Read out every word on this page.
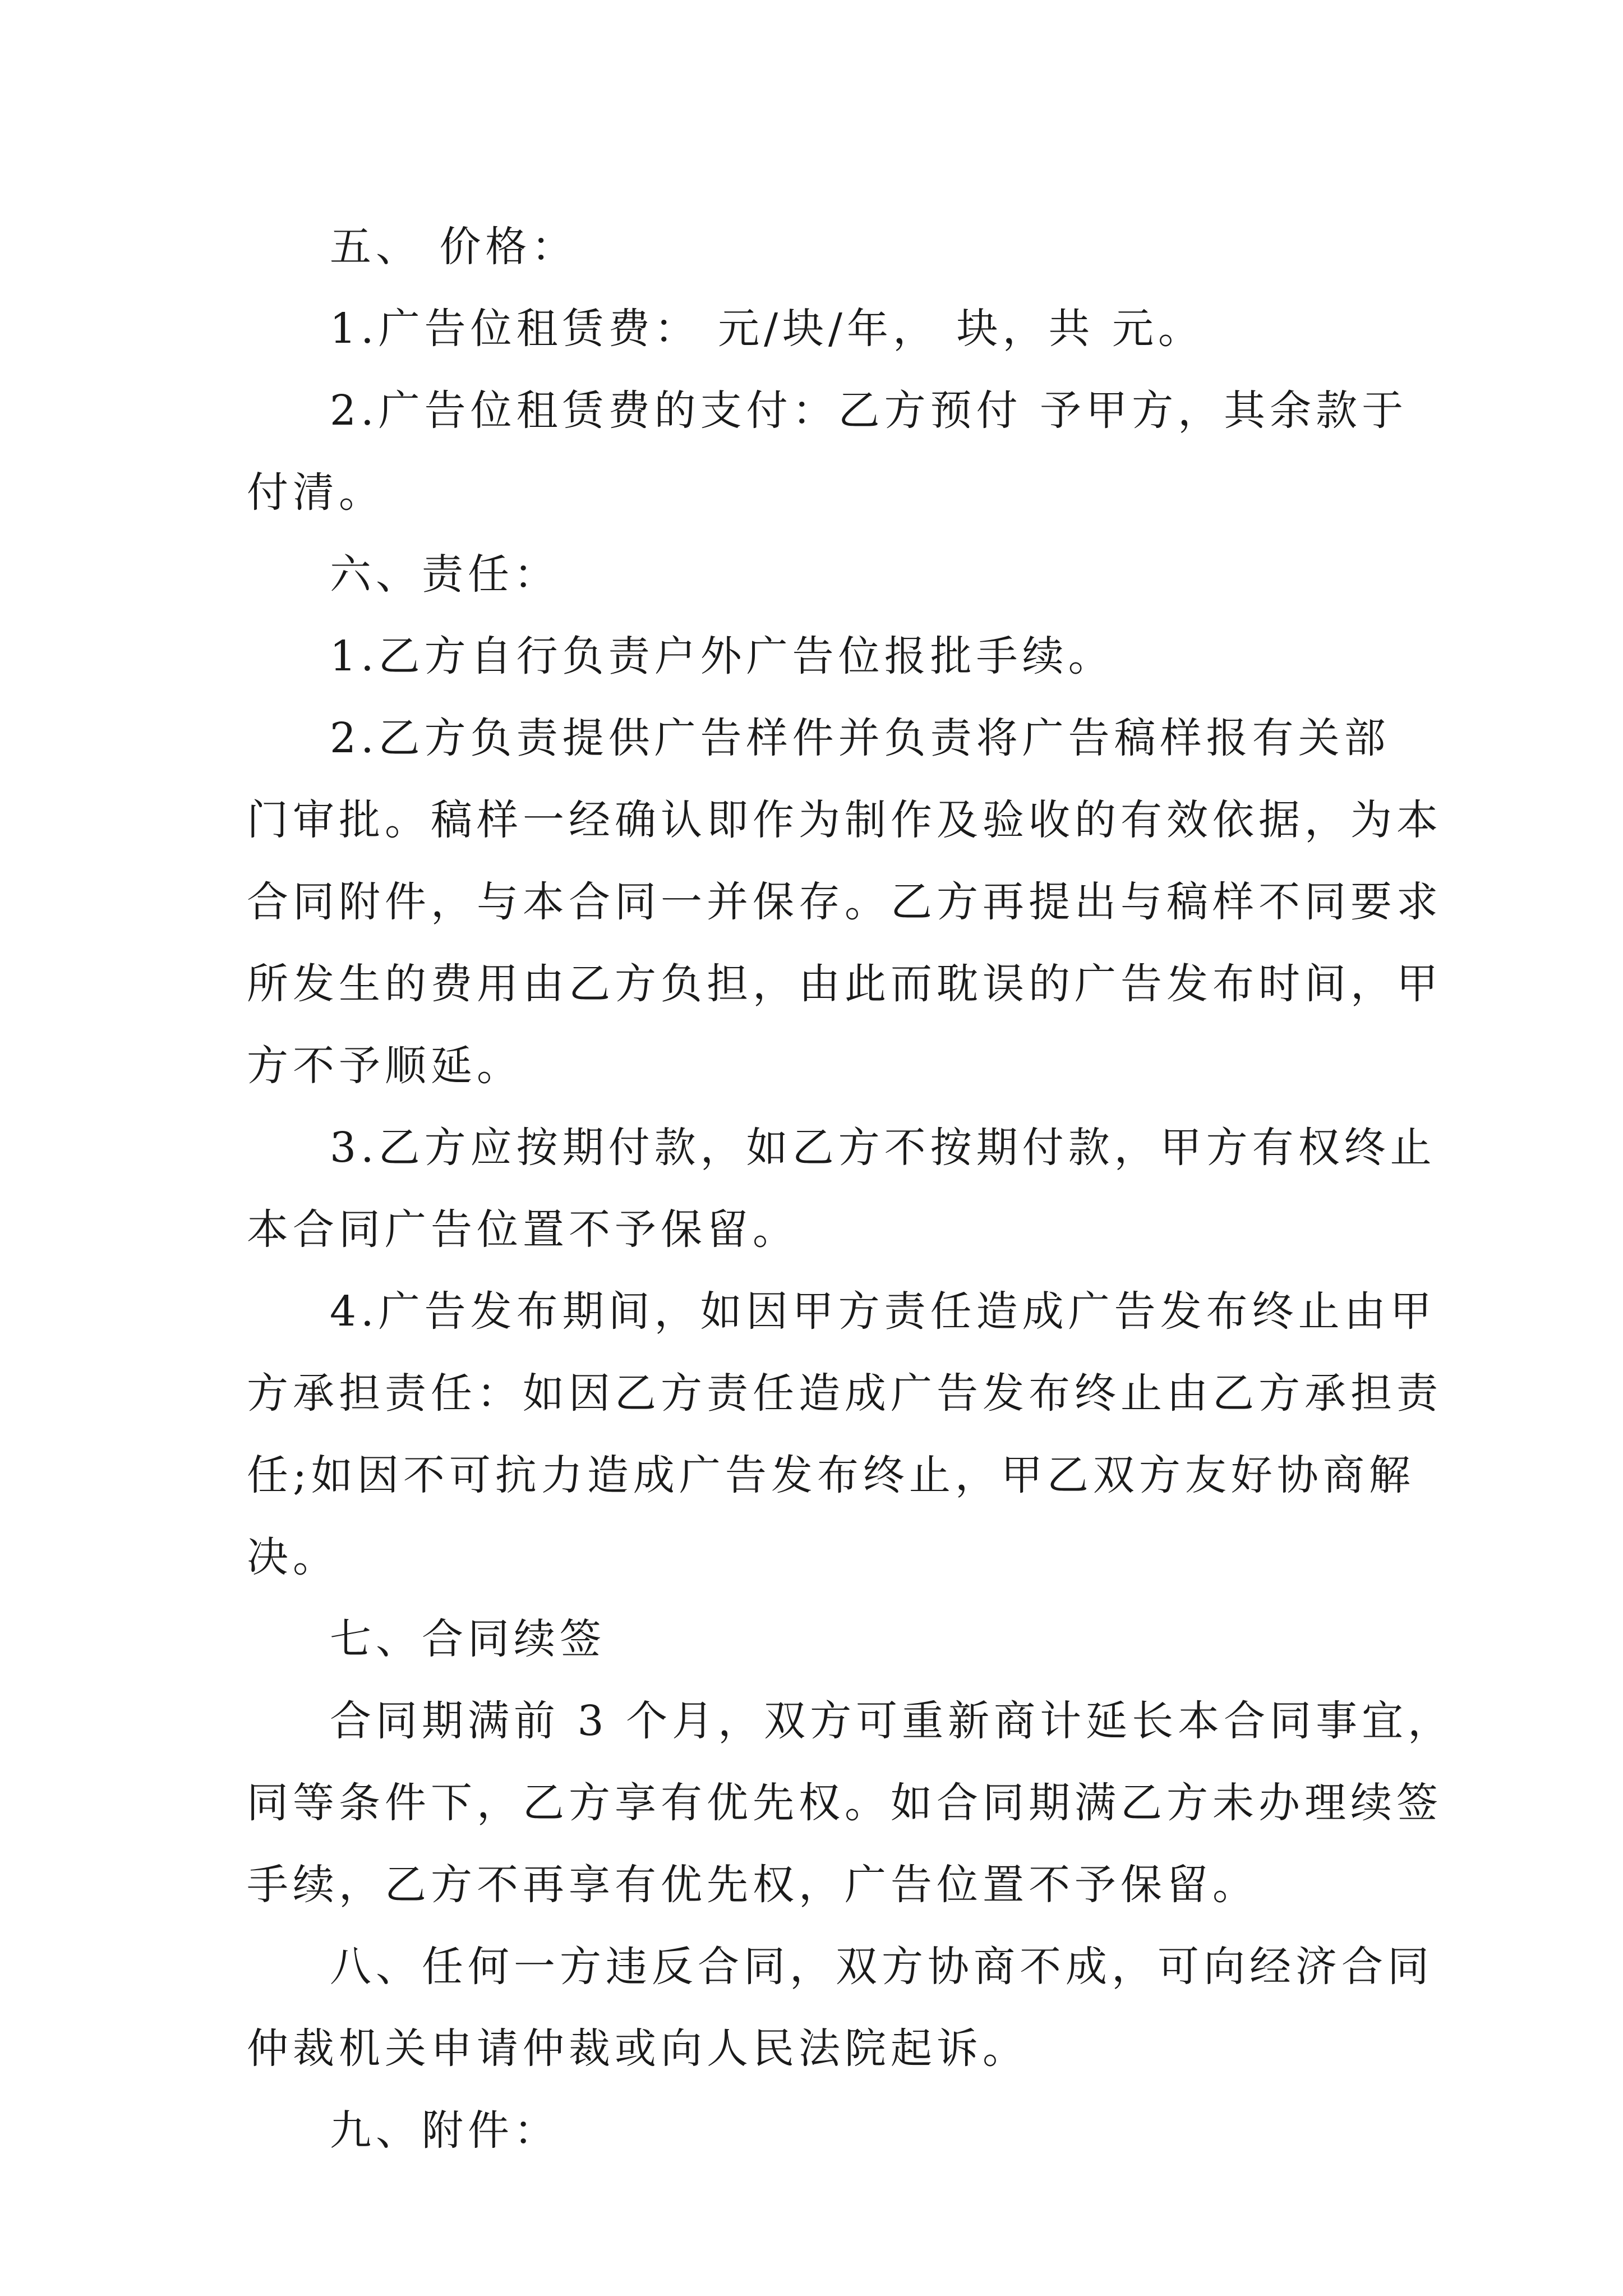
五、 价格：

1.广告位租赁费： 元/块/年， 块，共 元。

2.广告位租赁费的支付：乙方预付 予甲方，其余款于

付清。

六、责任：

1.乙方自行负责户外广告位报批手续。

2.乙方负责提供广告样件并负责将广告稿样报有关部

门审批。稿样一经确认即作为制作及验收的有效依据，为本

合同附件，与本合同一并保存。乙方再提出与稿样不同要求

所发生的费用由乙方负担，由此而耽误的广告发布时间，甲

方不予顺延。

3.乙方应按期付款，如乙方不按期付款，甲方有权终止

本合同广告位置不予保留。

4.广告发布期间，如因甲方责任造成广告发布终止由甲

方承担责任：如因乙方责任造成广告发布终止由乙方承担责

任;如因不可抗力造成广告发布终止，甲乙双方友好协商解

决。

七、合同续签

合同期满前 3 个月，双方可重新商计延长本合同事宜，

同等条件下，乙方享有优先权。如合同期满乙方未办理续签

手续，乙方不再享有优先权，广告位置不予保留。

八、任何一方违反合同，双方协商不成，可向经济合同

仲裁机关申请仲裁或向人民法院起诉。

九、附件：
